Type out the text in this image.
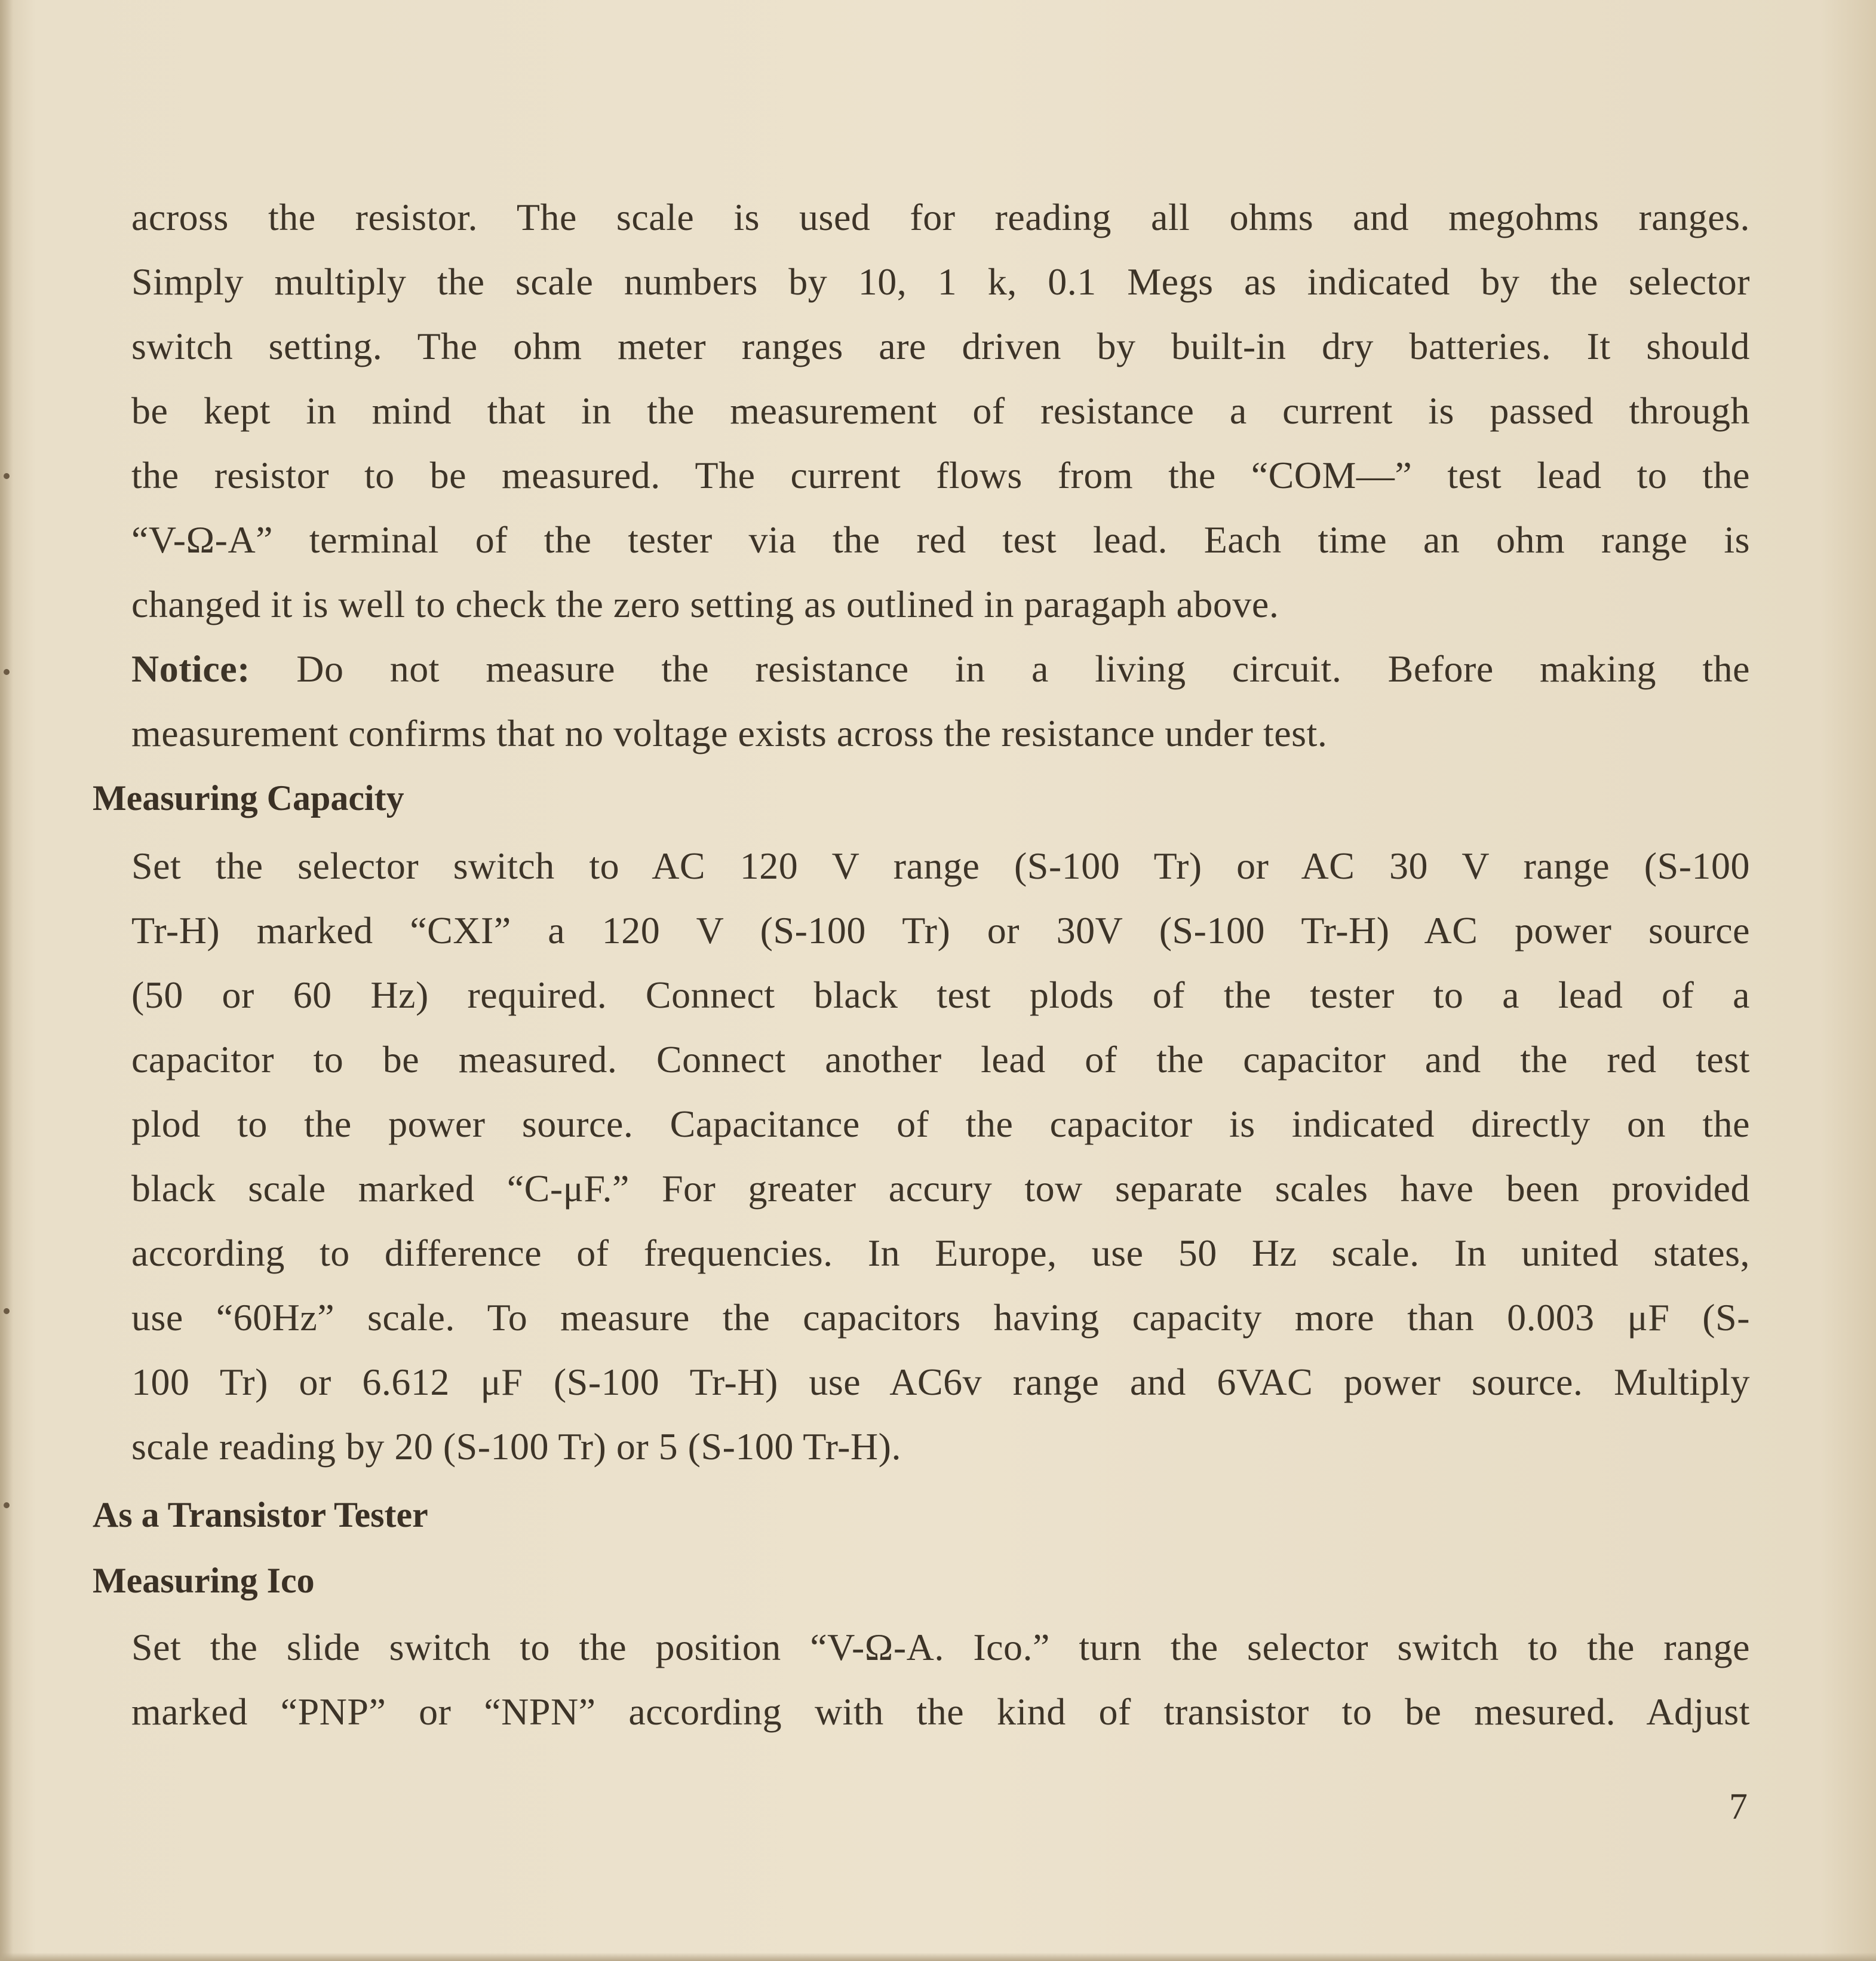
across the resistor. The scale is used for reading all ohms and megohms ranges.
Simply multiply the scale numbers by 10, 1 k, 0.1 Megs as indicated by the selector
switch setting. The ohm meter ranges are driven by built-in dry batteries. It should
be kept in mind that in the measurement of resistance a current is passed through
the resistor to be measured. The current flows from the “COM—” test lead to the
“V-Ω-A” terminal of the tester via the red test lead. Each time an ohm range is
changed it is well to check the zero setting as outlined in paragaph above.
Notice: Do not measure the resistance in a living circuit. Before making the
measurement confirms that no voltage exists across the resistance under test.
Measuring Capacity
Set the selector switch to AC 120 V range (S-100 Tr) or AC 30 V range (S-100
Tr-H) marked “CXI” a 120 V (S-100 Tr) or 30V (S-100 Tr-H) AC power source
(50 or 60 Hz) required. Connect black test plods of the tester to a lead of a
capacitor to be measured. Connect another lead of the capacitor and the red test
plod to the power source. Capacitance of the capacitor is indicated directly on the
black scale marked “C-μF.” For greater accury tow separate scales have been provided
according to difference of frequencies. In Europe, use 50 Hz scale. In united states,
use “60Hz” scale. To measure the capacitors having capacity more than 0.003 μF (S-
100 Tr) or 6.612 μF (S-100 Tr-H) use AC6v range and 6VAC power source. Multiply
scale reading by 20 (S-100 Tr) or 5 (S-100 Tr-H).
As a Transistor Tester
Measuring Ico
Set the slide switch to the position “V-Ω-A. Ico.” turn the selector switch to the range
marked “PNP” or “NPN” according with the kind of transistor to be mesured. Adjust
7
